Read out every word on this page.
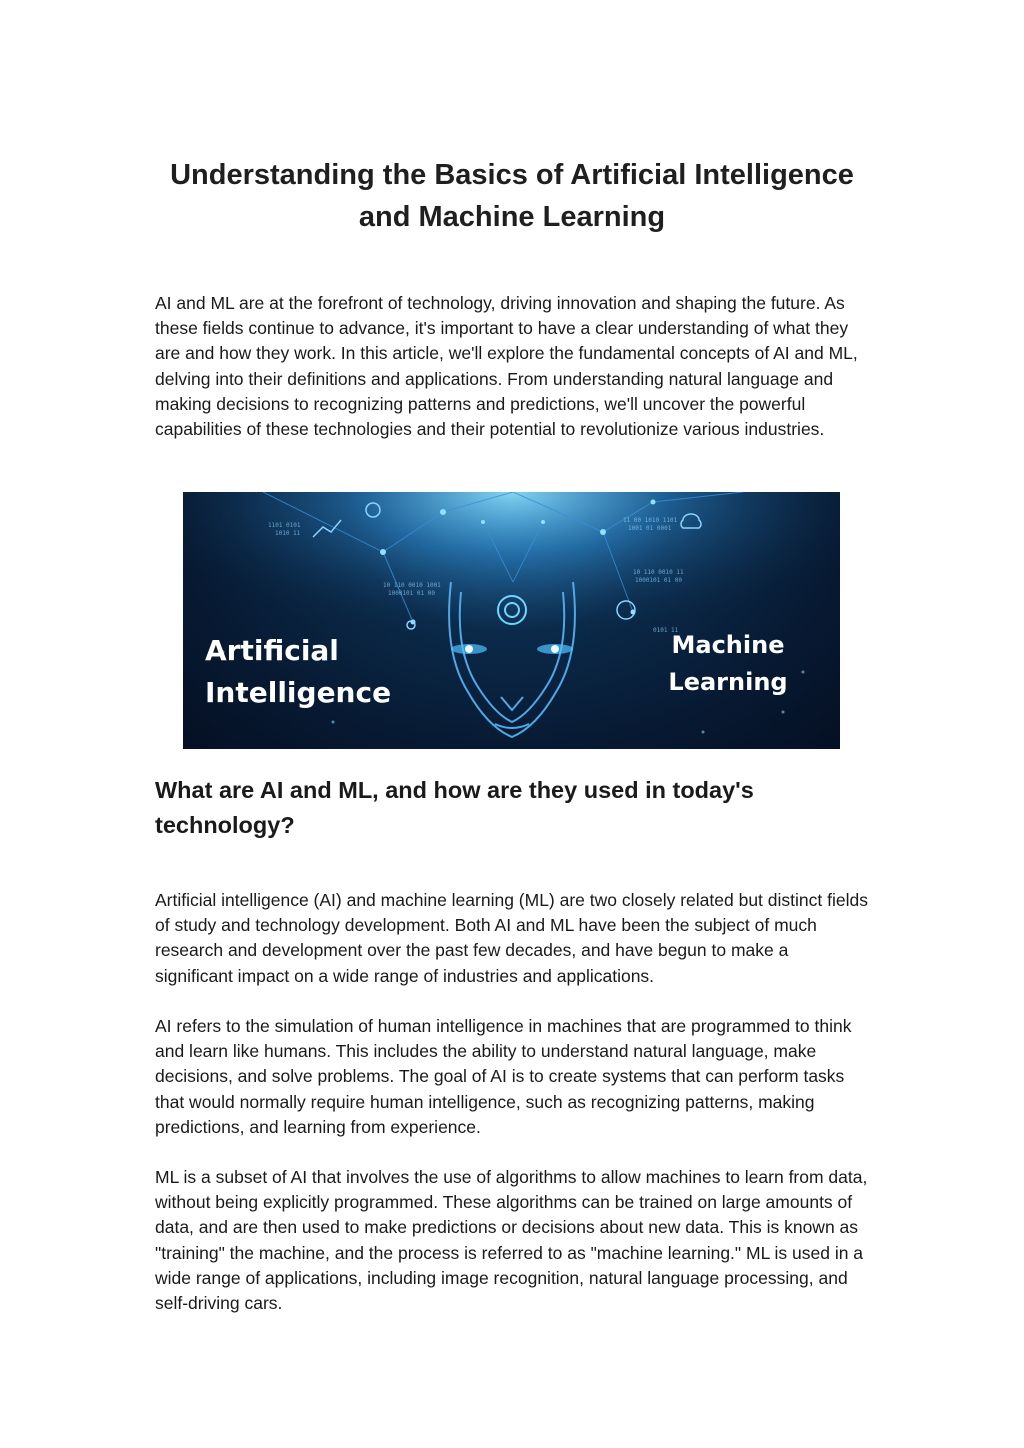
Understanding the Basics of Artificial Intelligence
and Machine Learning

AI and ML are at the forefront of technology, driving innovation and shaping the future. As these fields continue to advance, it's important to have a clear understanding of what they are and how they work. In this article, we'll explore the fundamental concepts of AI and ML, delving into their definitions and applications. From understanding natural language and making decisions to recognizing patterns and predictions, we'll uncover the powerful capabilities of these technologies and their potential to revolutionize various industries.

1101 0101
1010 11
10 110 0010 1001
1000101 01 00
11 00 1010 1101
1001 01 0001
10 110 0010 11
1000101 01 00
0101 11
Artificial
Intelligence
Machine
Learning
What are AI and ML, and how are they used in today's technology?

Artificial intelligence (AI) and machine learning (ML) are two closely related but distinct fields of study and technology development. Both AI and ML have been the subject of much research and development over the past few decades, and have begun to make a significant impact on a wide range of industries and applications.

AI refers to the simulation of human intelligence in machines that are programmed to think and learn like humans. This includes the ability to understand natural language, make decisions, and solve problems. The goal of AI is to create systems that can perform tasks that would normally require human intelligence, such as recognizing patterns, making predictions, and learning from experience.

ML is a subset of AI that involves the use of algorithms to allow machines to learn from data, without being explicitly programmed. These algorithms can be trained on large amounts of data, and are then used to make predictions or decisions about new data. This is known as "training" the machine, and the process is referred to as "machine learning." ML is used in a wide range of applications, including image recognition, natural language processing, and self-driving cars.
